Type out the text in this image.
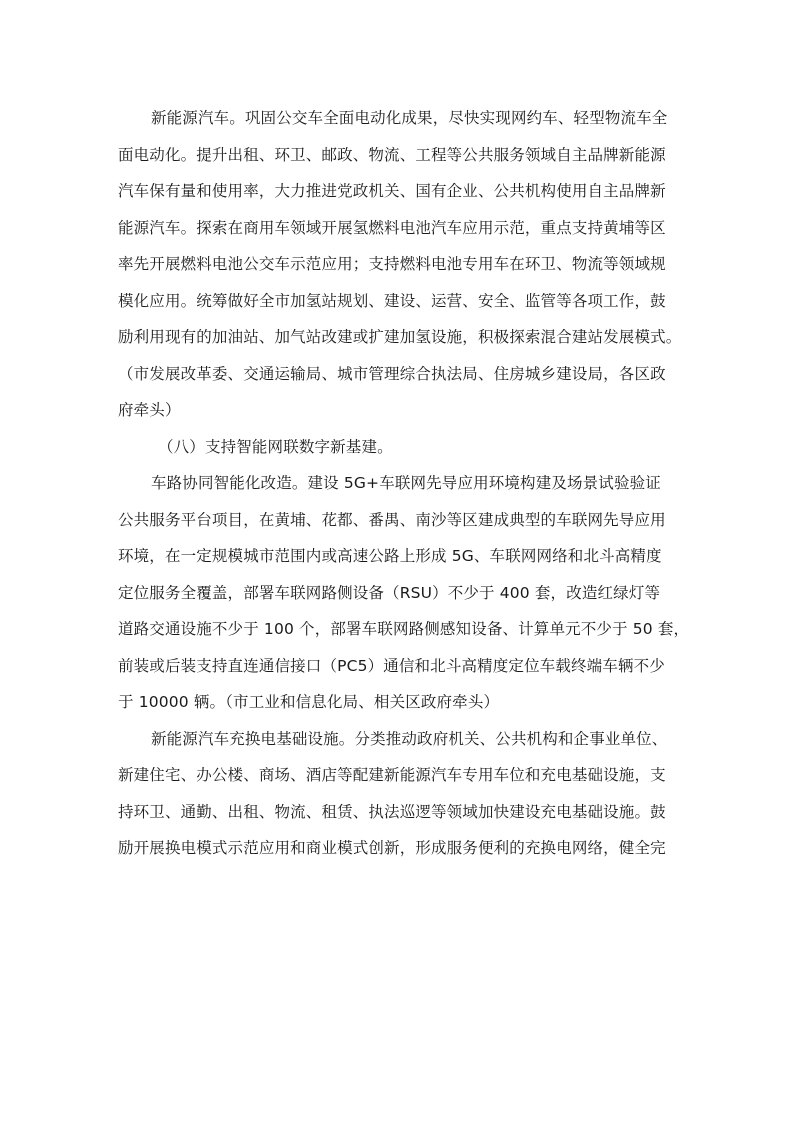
新能源汽车。巩固公交车全面电动化成果，尽快实现网约车、轻型物流车全
面电动化。提升出租、环卫、邮政、物流、工程等公共服务领域自主品牌新能源
汽车保有量和使用率，大力推进党政机关、国有企业、公共机构使用自主品牌新
能源汽车。探索在商用车领域开展氢燃料电池汽车应用示范，重点支持黄埔等区
率先开展燃料电池公交车示范应用；支持燃料电池专用车在环卫、物流等领域规
模化应用。统筹做好全市加氢站规划、建设、运营、安全、监管等各项工作，鼓
励利用现有的加油站、加气站改建或扩建加氢设施，积极探索混合建站发展模式。
（市发展改革委、交通运输局、城市管理综合执法局、住房城乡建设局，各区政
府牵头）
（八）支持智能网联数字新基建。
车路协同智能化改造。建设 5G+车联网先导应用环境构建及场景试验验证
公共服务平台项目，在黄埔、花都、番禺、南沙等区建成典型的车联网先导应用
环境，在一定规模城市范围内或高速公路上形成 5G、车联网网络和北斗高精度
定位服务全覆盖，部署车联网路侧设备（RSU）不少于 400 套，改造红绿灯等
道路交通设施不少于 100 个，部署车联网路侧感知设备、计算单元不少于 50 套，
前装或后装支持直连通信接口（PC5）通信和北斗高精度定位车载终端车辆不少
于 10000 辆。（市工业和信息化局、相关区政府牵头）
新能源汽车充换电基础设施。分类推动政府机关、公共机构和企事业单位、
新建住宅、办公楼、商场、酒店等配建新能源汽车专用车位和充电基础设施，支
持环卫、通勤、出租、物流、租赁、执法巡逻等领域加快建设充电基础设施。鼓
励开展换电模式示范应用和商业模式创新，形成服务便利的充换电网络，健全完
